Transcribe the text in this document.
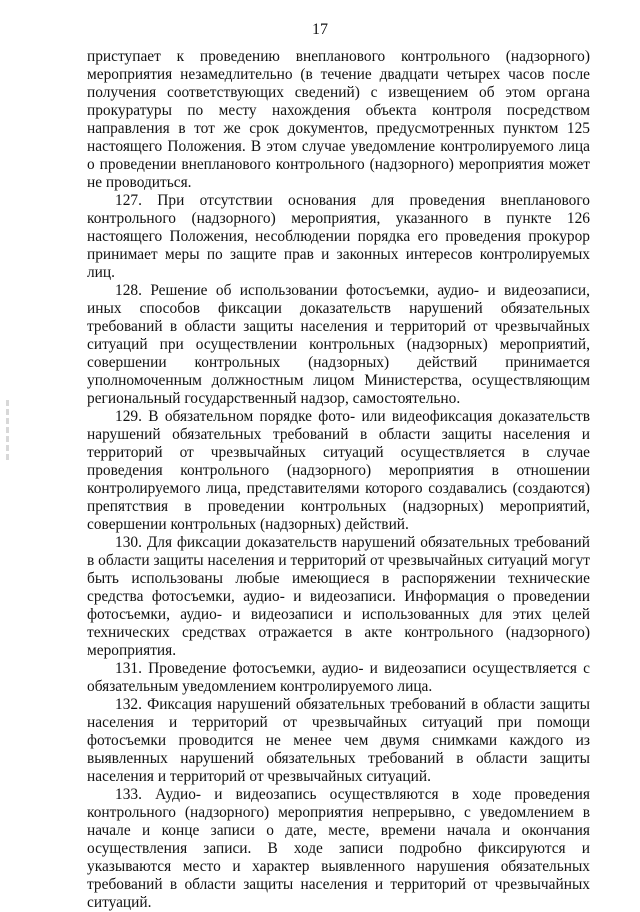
17

приступает к проведению внепланового контрольного (надзорного) мероприятия незамедлительно (в течение двадцати четырех часов после получения соответствующих сведений) с извещением об этом органа прокуратуры по месту нахождения объекта контроля посредством направления в тот же срок документов, предусмотренных пунктом 125 настоящего Положения. В этом случае уведомление контролируемого лица о проведении внепланового контрольного (надзорного) мероприятия может не проводиться.

127. При отсутствии основания для проведения внепланового контрольного (надзорного) мероприятия, указанного в пункте 126 настоящего Положения, несоблюдении порядка его проведения прокурор принимает меры по защите прав и законных интересов контролируемых лиц.

128. Решение об использовании фотосъемки, аудио- и видеозаписи, иных способов фиксации доказательств нарушений обязательных требований в области защиты населения и территорий от чрезвычайных ситуаций при осуществлении контрольных (надзорных) мероприятий, совершении контрольных (надзорных) действий принимается уполномоченным должностным лицом Министерства, осуществляющим региональный государственный надзор, самостоятельно.

129. В обязательном порядке фото- или видеофиксация доказательств нарушений обязательных требований в области защиты населения и территорий от чрезвычайных ситуаций осуществляется в случае проведения контрольного (надзорного) мероприятия в отношении контролируемого лица, представителями которого создавались (создаются) препятствия в проведении контрольных (надзорных) мероприятий, совершении контрольных (надзорных) действий.

130. Для фиксации доказательств нарушений обязательных требований в области защиты населения и территорий от чрезвычайных ситуаций могут быть использованы любые имеющиеся в распоряжении технические средства фотосъемки, аудио- и видеозаписи. Информация о проведении фотосъемки, аудио- и видеозаписи и использованных для этих целей технических средствах отражается в акте контрольного (надзорного) мероприятия.

131. Проведение фотосъемки, аудио- и видеозаписи осуществляется с обязательным уведомлением контролируемого лица.

132. Фиксация нарушений обязательных требований в области защиты населения и территорий от чрезвычайных ситуаций при помощи фотосъемки проводится не менее чем двумя снимками каждого из выявленных нарушений обязательных требований в области защиты населения и территорий от чрезвычайных ситуаций.

133. Аудио- и видеозапись осуществляются в ходе проведения контрольного (надзорного) мероприятия непрерывно, с уведомлением в начале и конце записи о дате, месте, времени начала и окончания осуществления записи. В ходе записи подробно фиксируются и указываются место и характер выявленного нарушения обязательных требований в области защиты населения и территорий от чрезвычайных ситуаций.
